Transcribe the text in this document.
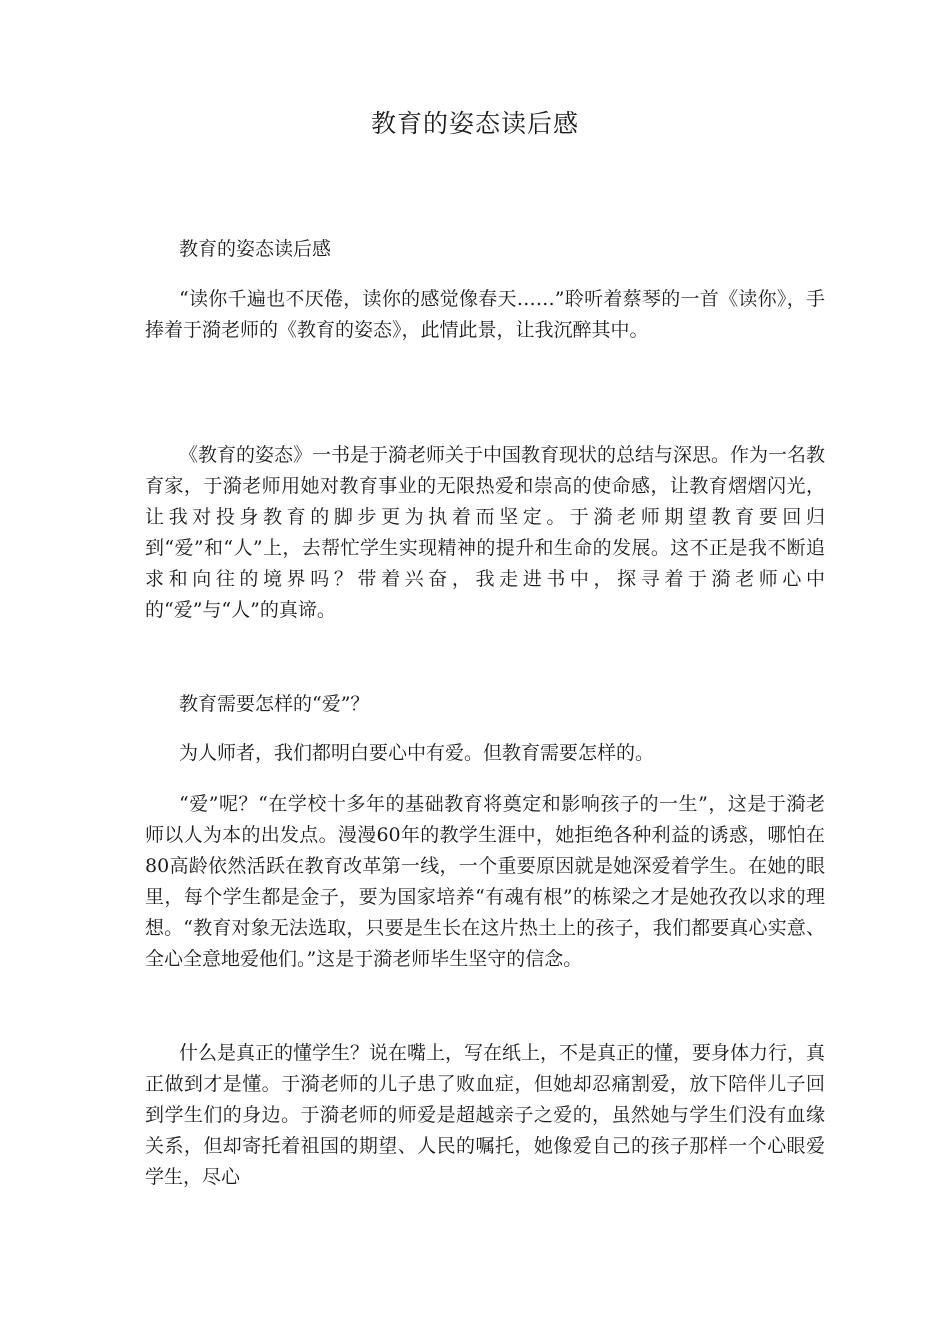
教育的姿态读后感
教育的姿态读后感
“读你千遍也不厌倦，读你的感觉像春天……”聆听着蔡琴的一首《读你》，手捧着于漪老师的《教育的姿态》，此情此景，让我沉醉其中。
《教育的姿态》一书是于漪老师关于中国教育现状的总结与深思。作为一名教育家，于漪老师用她对教育事业的无限热爱和崇高的使命感，让教育熠熠闪光，让我对投身教育的脚步更为执着而坚定。于漪老师期望教育要回归到“爱”和“人”上，去帮忙学生实现精神的提升和生命的发展。这不正是我不断追求和向往的境界吗？带着兴奋，我走进书中，探寻着于漪老师心中的“爱”与“人”的真谛。
教育需要怎样的“爱”？
为人师者，我们都明白要心中有爱。但教育需要怎样的。
“爱”呢？“在学校十多年的基础教育将奠定和影响孩子的一生”，这是于漪老师以人为本的出发点。漫漫60年的教学生涯中，她拒绝各种利益的诱惑，哪怕在80高龄依然活跃在教育改革第一线，一个重要原因就是她深爱着学生。在她的眼里，每个学生都是金子，要为国家培养“有魂有根”的栋梁之才是她孜孜以求的理想。“教育对象无法选取，只要是生长在这片热土上的孩子，我们都要真心实意、全心全意地爱他们。”这是于漪老师毕生坚守的信念。
什么是真正的懂学生？说在嘴上，写在纸上，不是真正的懂，要身体力行，真正做到才是懂。于漪老师的儿子患了败血症，但她却忍痛割爱，放下陪伴儿子回到学生们的身边。于漪老师的师爱是超越亲子之爱的，虽然她与学生们没有血缘关系，但却寄托着祖国的期望、人民的嘱托，她像爱自己的孩子那样一个心眼爱学生，尽心
